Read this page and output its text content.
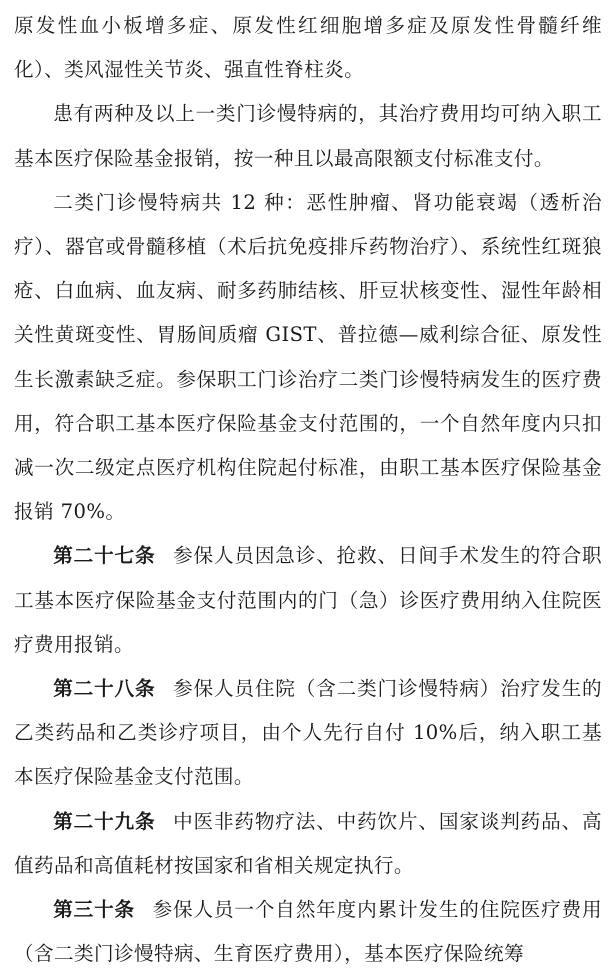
原发性血小板增多症、原发性红细胞增多症及原发性骨髓纤维化）、类风湿性关节炎、强直性脊柱炎。

患有两种及以上一类门诊慢特病的，其治疗费用均可纳入职工基本医疗保险基金报销，按一种且以最高限额支付标准支付。

二类门诊慢特病共 12 种：恶性肿瘤、肾功能衰竭（透析治疗）、器官或骨髓移植（术后抗免疫排斥药物治疗）、系统性红斑狼疮、白血病、血友病、耐多药肺结核、肝豆状核变性、湿性年龄相关性黄斑变性、胃肠间质瘤 GIST、普拉德—威利综合征、原发性生长激素缺乏症。参保职工门诊治疗二类门诊慢特病发生的医疗费用，符合职工基本医疗保险基金支付范围的，一个自然年度内只扣减一次二级定点医疗机构住院起付标准，由职工基本医疗保险基金报销 70%。

第二十七条 参保人员因急诊、抢救、日间手术发生的符合职工基本医疗保险基金支付范围内的门（急）诊医疗费用纳入住院医疗费用报销。

第二十八条 参保人员住院（含二类门诊慢特病）治疗发生的乙类药品和乙类诊疗项目，由个人先行自付 10%后，纳入职工基本医疗保险基金支付范围。

第二十九条 中医非药物疗法、中药饮片、国家谈判药品、高值药品和高值耗材按国家和省相关规定执行。

第三十条 参保人员一个自然年度内累计发生的住院医疗费用（含二类门诊慢特病、生育医疗费用），基本医疗保险统筹
